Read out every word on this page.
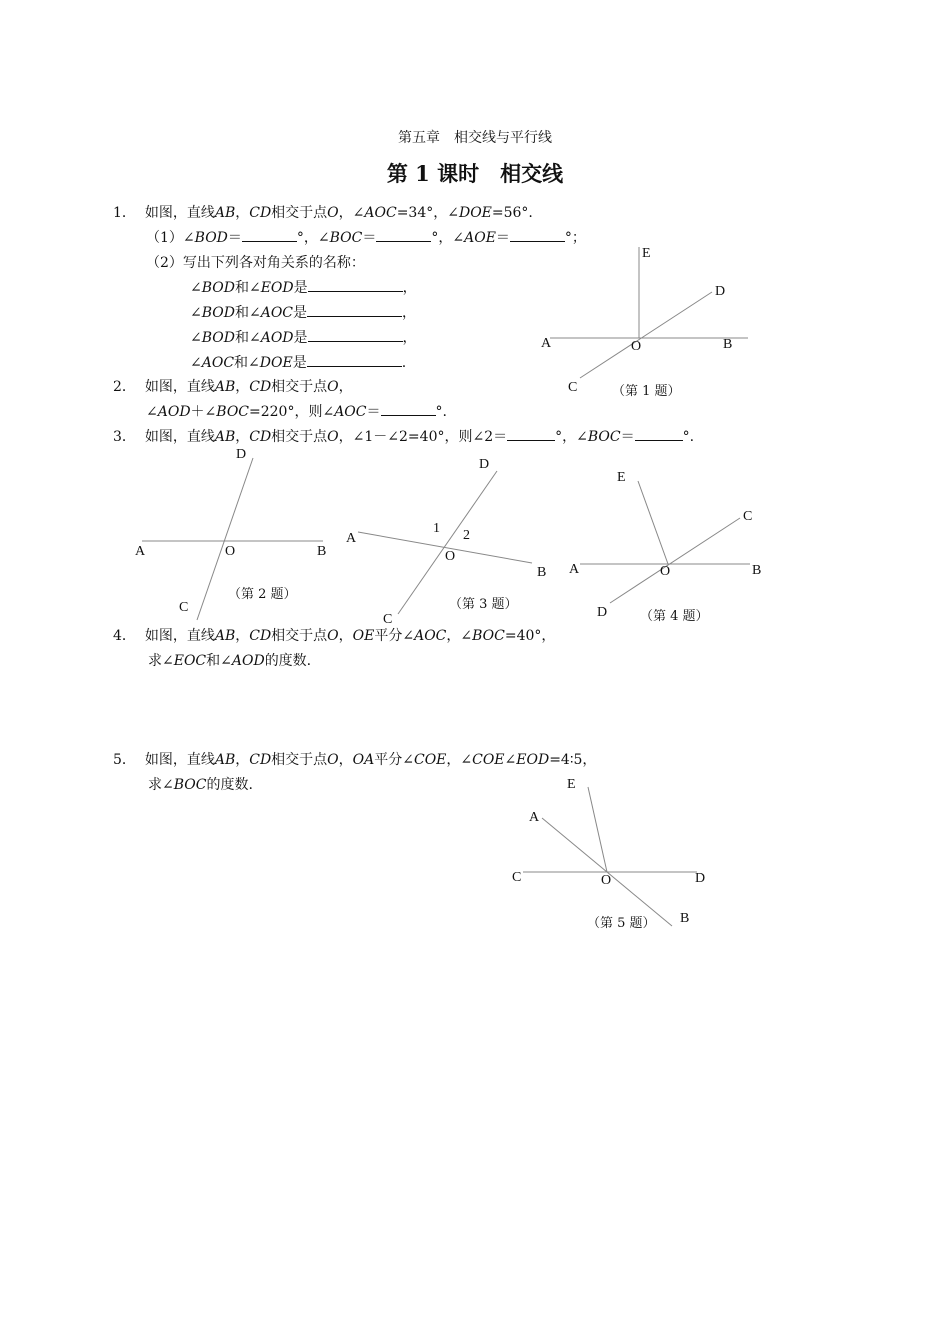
第五章　相交线与平行线
第 1 课时　相交线
1． 如图，直线AB，CD相交于点O，∠AOC=34°，∠DOE=56°.
（1）∠BOD＝	°，∠BOC＝	°，∠AOE＝	°；
（2）写出下列各对角关系的名称：
∠BOD和∠EOD是	，
∠BOD和∠AOC是	，
∠BOD和∠AOD是	，
∠AOC和∠DOE是	.
2． 如图，直线AB，CD相交于点O，
∠AOD＋∠BOC=220°，则∠AOC＝	°.
3． 如图，直线AB，CD相交于点O，∠1－∠2=40°，则∠2＝	°，∠BOC＝	°.
4． 如图，直线AB，CD相交于点O，OE平分∠AOC，∠BOC=40°，
求∠EOC和∠AOD的度数.
5． 如图，直线AB，CD相交于点O，OA平分∠COE，∠COE∠EOD=4∶5，
求∠BOC的度数.
E
D
A	O	B
C
D
A	O	B
C
D
A
1 2
O
B
C
E
C
A	O	B
D
E
A
C	O	D
B
（第 1 题）
（第 2 题）
（第 3 题）
（第 4 题）
（第 5 题）
